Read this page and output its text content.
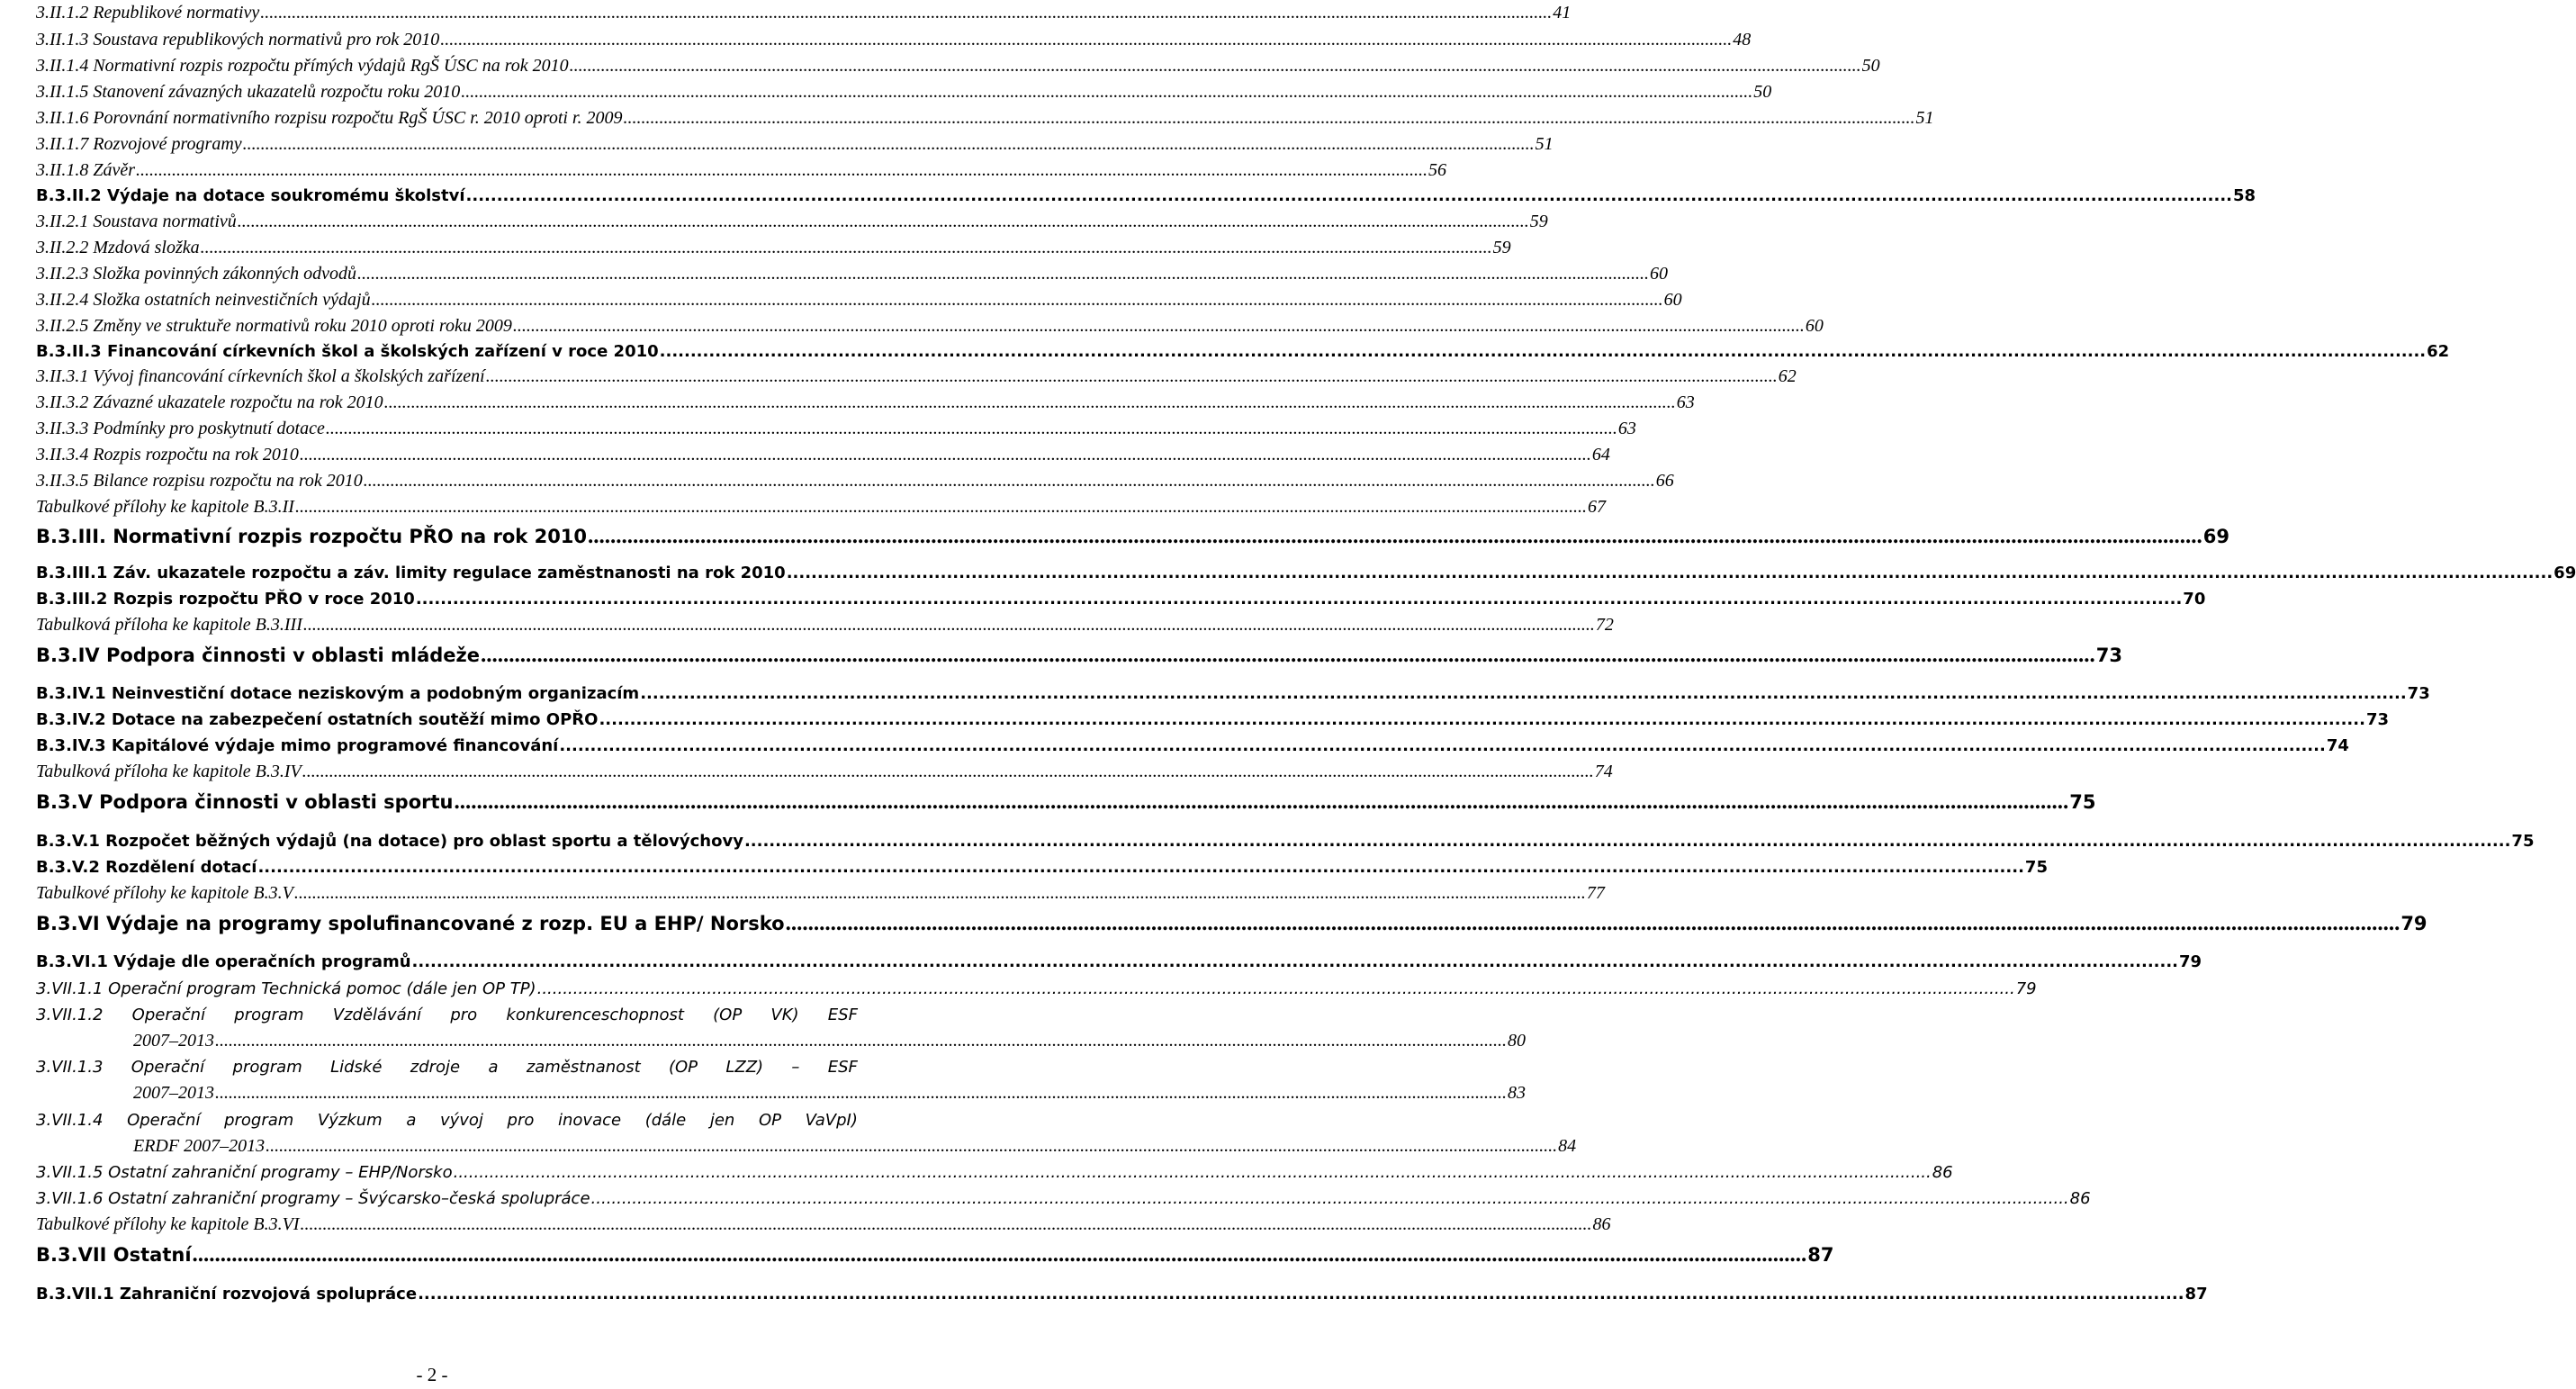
3.II.1.2 Republikové normativy .....	41
3.II.1.3 Soustava republikových normativů pro rok 2010 .....	48
3.II.1.4 Normativní rozpis rozpočtu přímých výdajů RgŠ ÚSC na rok 2010 .....	50
3.II.1.5 Stanovení závazných ukazatelů rozpočtu roku 2010 .....	50
3.II.1.6 Porovnání normativního rozpisu rozpočtu RgŠ ÚSC r. 2010 oproti r. 2009 .....	51
3.II.1.7 Rozvojové programy .....	51
3.II.1.8 Závěr .....	56
B.3.II.2 Výdaje na dotace soukromému školství .....	58
3.II.2.1 Soustava normativů .....	59
3.II.2.2 Mzdová složka .....	59
3.II.2.3 Složka povinných zákonných odvodů .....	60
3.II.2.4 Složka ostatních neinvestičních výdajů .....	60
3.II.2.5 Změny ve struktuře normativů roku 2010 oproti roku 2009 .....	60
B.3.II.3 Financování církevních škol a školských zařízení v roce 2010 .....	62
3.II.3.1 Vývoj financování církevních škol a školských zařízení .....	62
3.II.3.2 Závazné ukazatele rozpočtu na rok 2010 .....	63
3.II.3.3 Podmínky pro poskytnutí dotace .....	63
3.II.3.4 Rozpis rozpočtu na rok 2010 .....	64
3.II.3.5 Bilance rozpisu rozpočtu na rok 2010 .....	66
Tabulkové přílohy ke kapitole B.3.II .....	67
B.3.III. Normativní rozpis rozpočtu PŘO na rok 2010 .....	69
B.3.III.1 Záv. ukazatele rozpočtu a záv. limity regulace zaměstnanosti na rok 2010 .....	69
B.3.III.2 Rozpis rozpočtu PŘO v roce 2010 .....	70
Tabulková příloha ke kapitole B.3.III .....	72
B.3.IV Podpora činnosti v oblasti mládeže .....	73
B.3.IV.1 Neinvestiční dotace neziskovým a podobným organizacím .....	73
B.3.IV.2 Dotace na zabezpečení ostatních soutěží mimo OPŘO .....	73
B.3.IV.3 Kapitálové výdaje mimo programové financování .....	74
Tabulková příloha ke kapitole B.3.IV .....	74
B.3.V Podpora činnosti v oblasti sportu .....	75
B.3.V.1 Rozpočet běžných výdajů (na dotace) pro oblast sportu a tělovýchovy .....	75
B.3.V.2 Rozdělení dotací .....	75
Tabulkové přílohy ke kapitole B.3.V .....	77
B.3.VI Výdaje na programy spolufinancované z rozp. EU a EHP/ Norsko .....	79
B.3.VI.1 Výdaje dle operačních programů .....	79
3.VII.1.1 Operační program Technická pomoc (dále jen OP TP) .....	79
3.VII.1.2 Operační program Vzdělávání pro konkurenceschopnost (OP VK) ESF
2007–2013 .....	80
3.VII.1.3 Operační program Lidské zdroje a zaměstnanost (OP LZZ) – ESF
2007–2013 .....	83
3.VII.1.4 Operační program Výzkum a vývoj pro inovace (dále jen OP VaVpI)
ERDF 2007–2013 .....	84
3.VII.1.5 Ostatní zahraniční programy – EHP/Norsko .....	86
3.VII.1.6 Ostatní zahraniční programy – Švýcarsko–česká spolupráce .....	86
Tabulkové přílohy ke kapitole B.3.VI .....	86
B.3.VII Ostatní .....	87
B.3.VII.1 Zahraniční rozvojová spolupráce .....	87
- 2 -
